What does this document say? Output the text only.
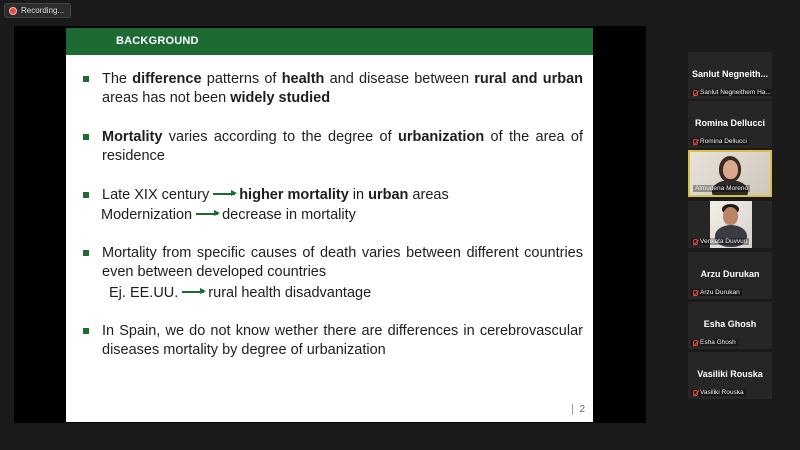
Recording...
BACKGROUND
The difference patterns of health and disease between rural and urban areas has not been widely studied
Mortality varies according to the degree of urbanization of the area of residence
Late XIX century higher mortality in urban areas
Modernization decrease in mortality
Mortality from specific causes of death varies between different countries even between developed countries
Ej. EE.UU. rural health disadvantage
In Spain, we do not know wether there are differences in cerebrovascular diseases mortality by degree of urbanization
2
Sanlut Negneith...
Sanlut Negneithem Ha...
Romina Dellucci
Romina Dellucci
Almudena Moreno
Venkata Duvvuri
Arzu Durukan
Arzu Durukan
Esha Ghosh
Esha Ghosh
Vasiliki Rouska
Vasiliki Rouska
